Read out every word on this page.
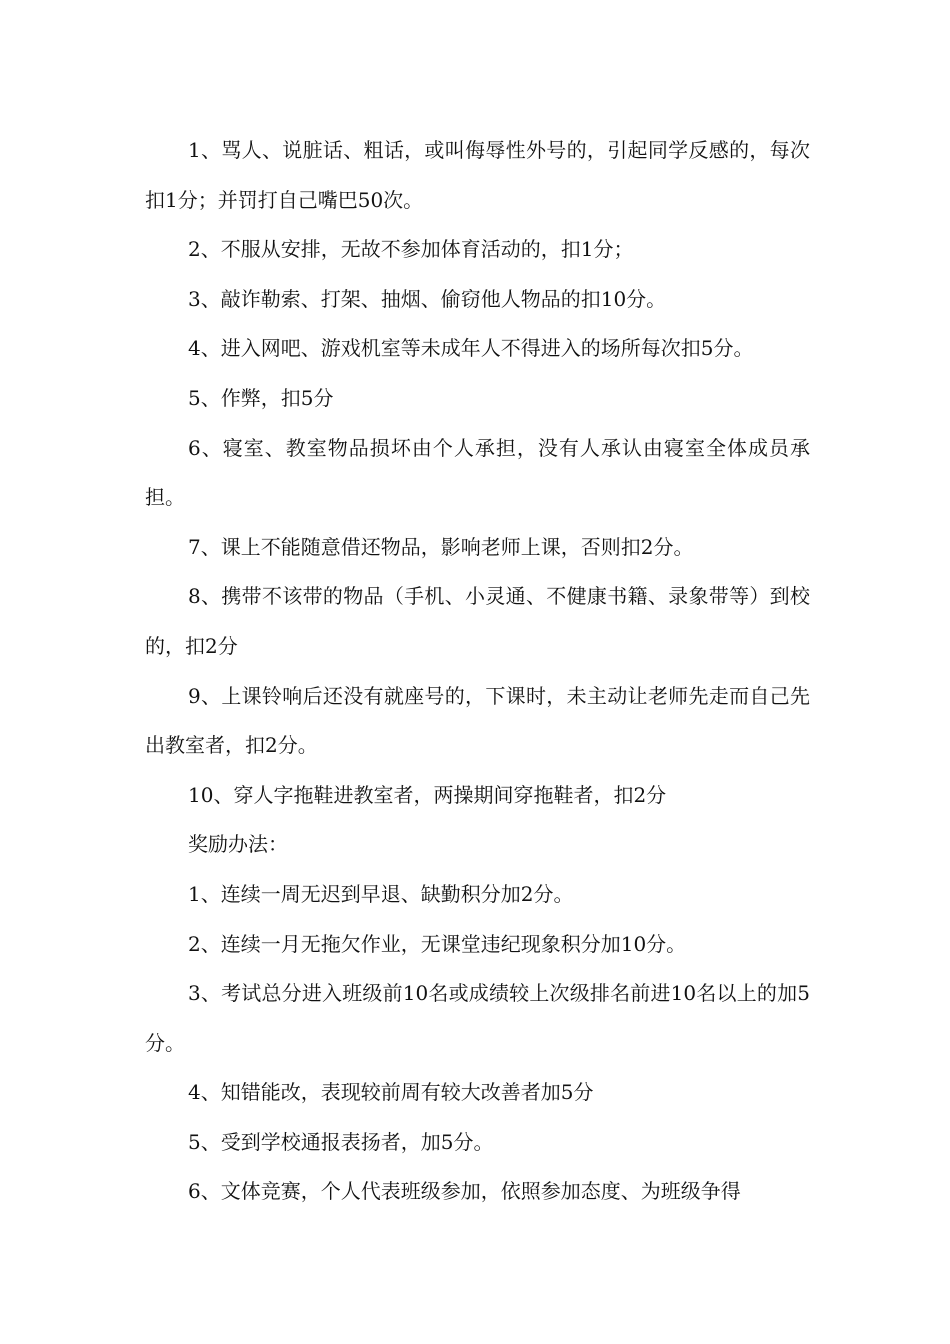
1、骂人、说脏话、粗话，或叫侮辱性外号的，引起同学反感的，每次扣1分；并罚打自己嘴巴50次。

2、不服从安排，无故不参加体育活动的，扣1分；

3、敲诈勒索、打架、抽烟、偷窃他人物品的扣10分。

4、进入网吧、游戏机室等未成年人不得进入的场所每次扣5分。

5、作弊，扣5分

6、寝室、教室物品损坏由个人承担，没有人承认由寝室全体成员承担。

7、课上不能随意借还物品，影响老师上课，否则扣2分。

8、携带不该带的物品（手机、小灵通、不健康书籍、录象带等）到校的，扣2分

9、上课铃响后还没有就座号的，下课时，未主动让老师先走而自己先出教室者，扣2分。

10、穿人字拖鞋进教室者，两操期间穿拖鞋者，扣2分

奖励办法：

1、连续一周无迟到早退、缺勤积分加2分。

2、连续一月无拖欠作业，无课堂违纪现象积分加10分。

3、考试总分进入班级前10名或成绩较上次级排名前进10名以上的加5分。

4、知错能改，表现较前周有较大改善者加5分

5、受到学校通报表扬者，加5分。

6、文体竞赛，个人代表班级参加，依照参加态度、为班级争得
